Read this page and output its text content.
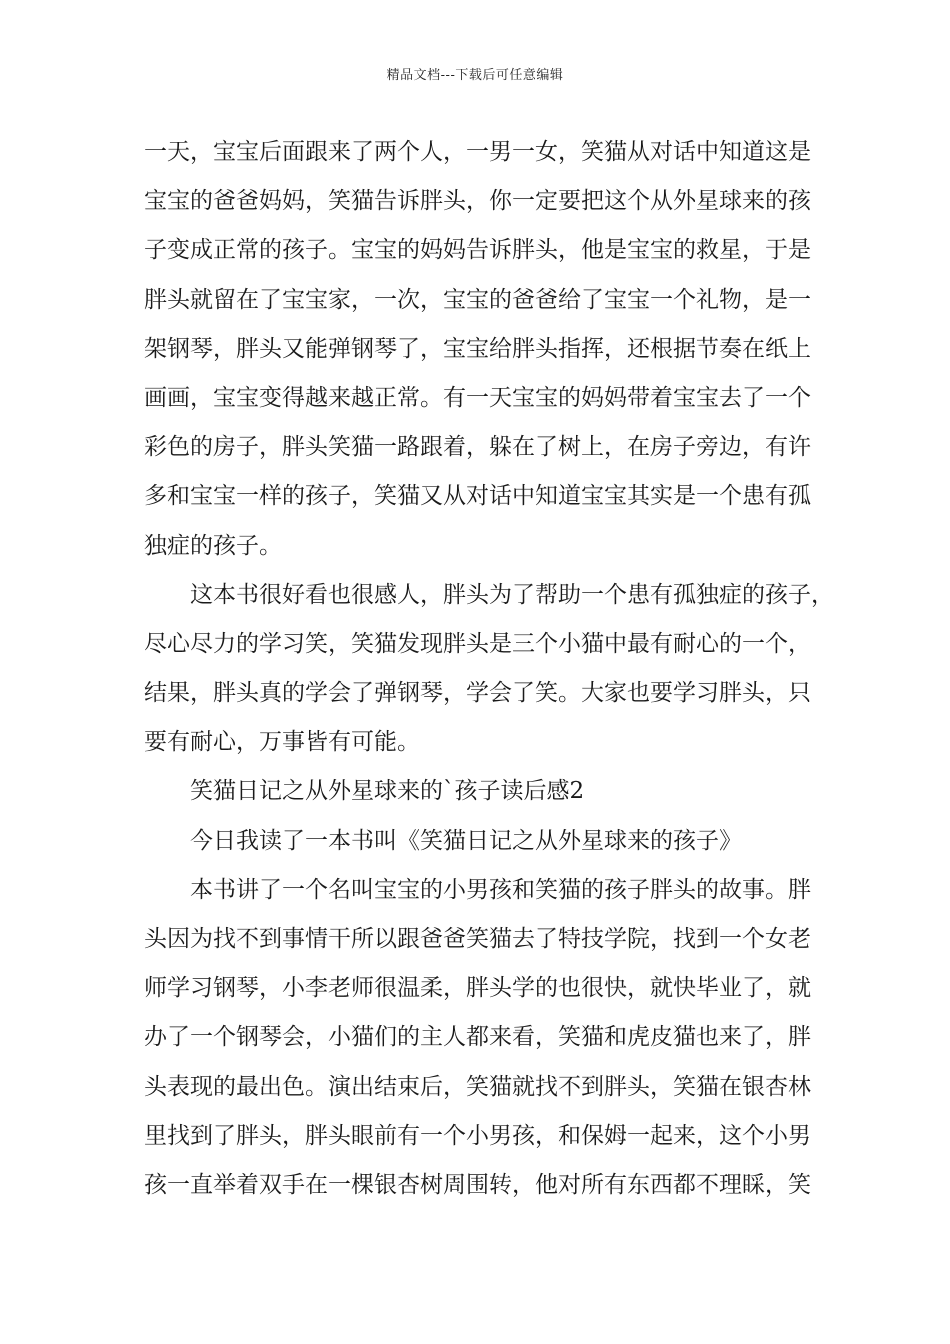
精品文档---下载后可任意编辑
一天，宝宝后面跟来了两个人，一男一女，笑猫从对话中知道这是
宝宝的爸爸妈妈，笑猫告诉胖头，你一定要把这个从外星球来的孩
子变成正常的孩子。宝宝的妈妈告诉胖头，他是宝宝的救星，于是
胖头就留在了宝宝家，一次，宝宝的爸爸给了宝宝一个礼物，是一
架钢琴，胖头又能弹钢琴了，宝宝给胖头指挥，还根据节奏在纸上
画画，宝宝变得越来越正常。有一天宝宝的妈妈带着宝宝去了一个
彩色的房子，胖头笑猫一路跟着，躲在了树上，在房子旁边，有许
多和宝宝一样的孩子，笑猫又从对话中知道宝宝其实是一个患有孤
独症的孩子。
这本书很好看也很感人，胖头为了帮助一个患有孤独症的孩子，
尽心尽力的学习笑，笑猫发现胖头是三个小猫中最有耐心的一个，
结果，胖头真的学会了弹钢琴，学会了笑。大家也要学习胖头，只
要有耐心，万事皆有可能。
笑猫日记之从外星球来的`孩子读后感2
今日我读了一本书叫《笑猫日记之从外星球来的孩子》
本书讲了一个名叫宝宝的小男孩和笑猫的孩子胖头的故事。胖
头因为找不到事情干所以跟爸爸笑猫去了特技学院，找到一个女老
师学习钢琴，小李老师很温柔，胖头学的也很快，就快毕业了，就
办了一个钢琴会，小猫们的主人都来看，笑猫和虎皮猫也来了，胖
头表现的最出色。演出结束后，笑猫就找不到胖头，笑猫在银杏林
里找到了胖头，胖头眼前有一个小男孩，和保姆一起来，这个小男
孩一直举着双手在一棵银杏树周围转，他对所有东西都不理睬，笑
